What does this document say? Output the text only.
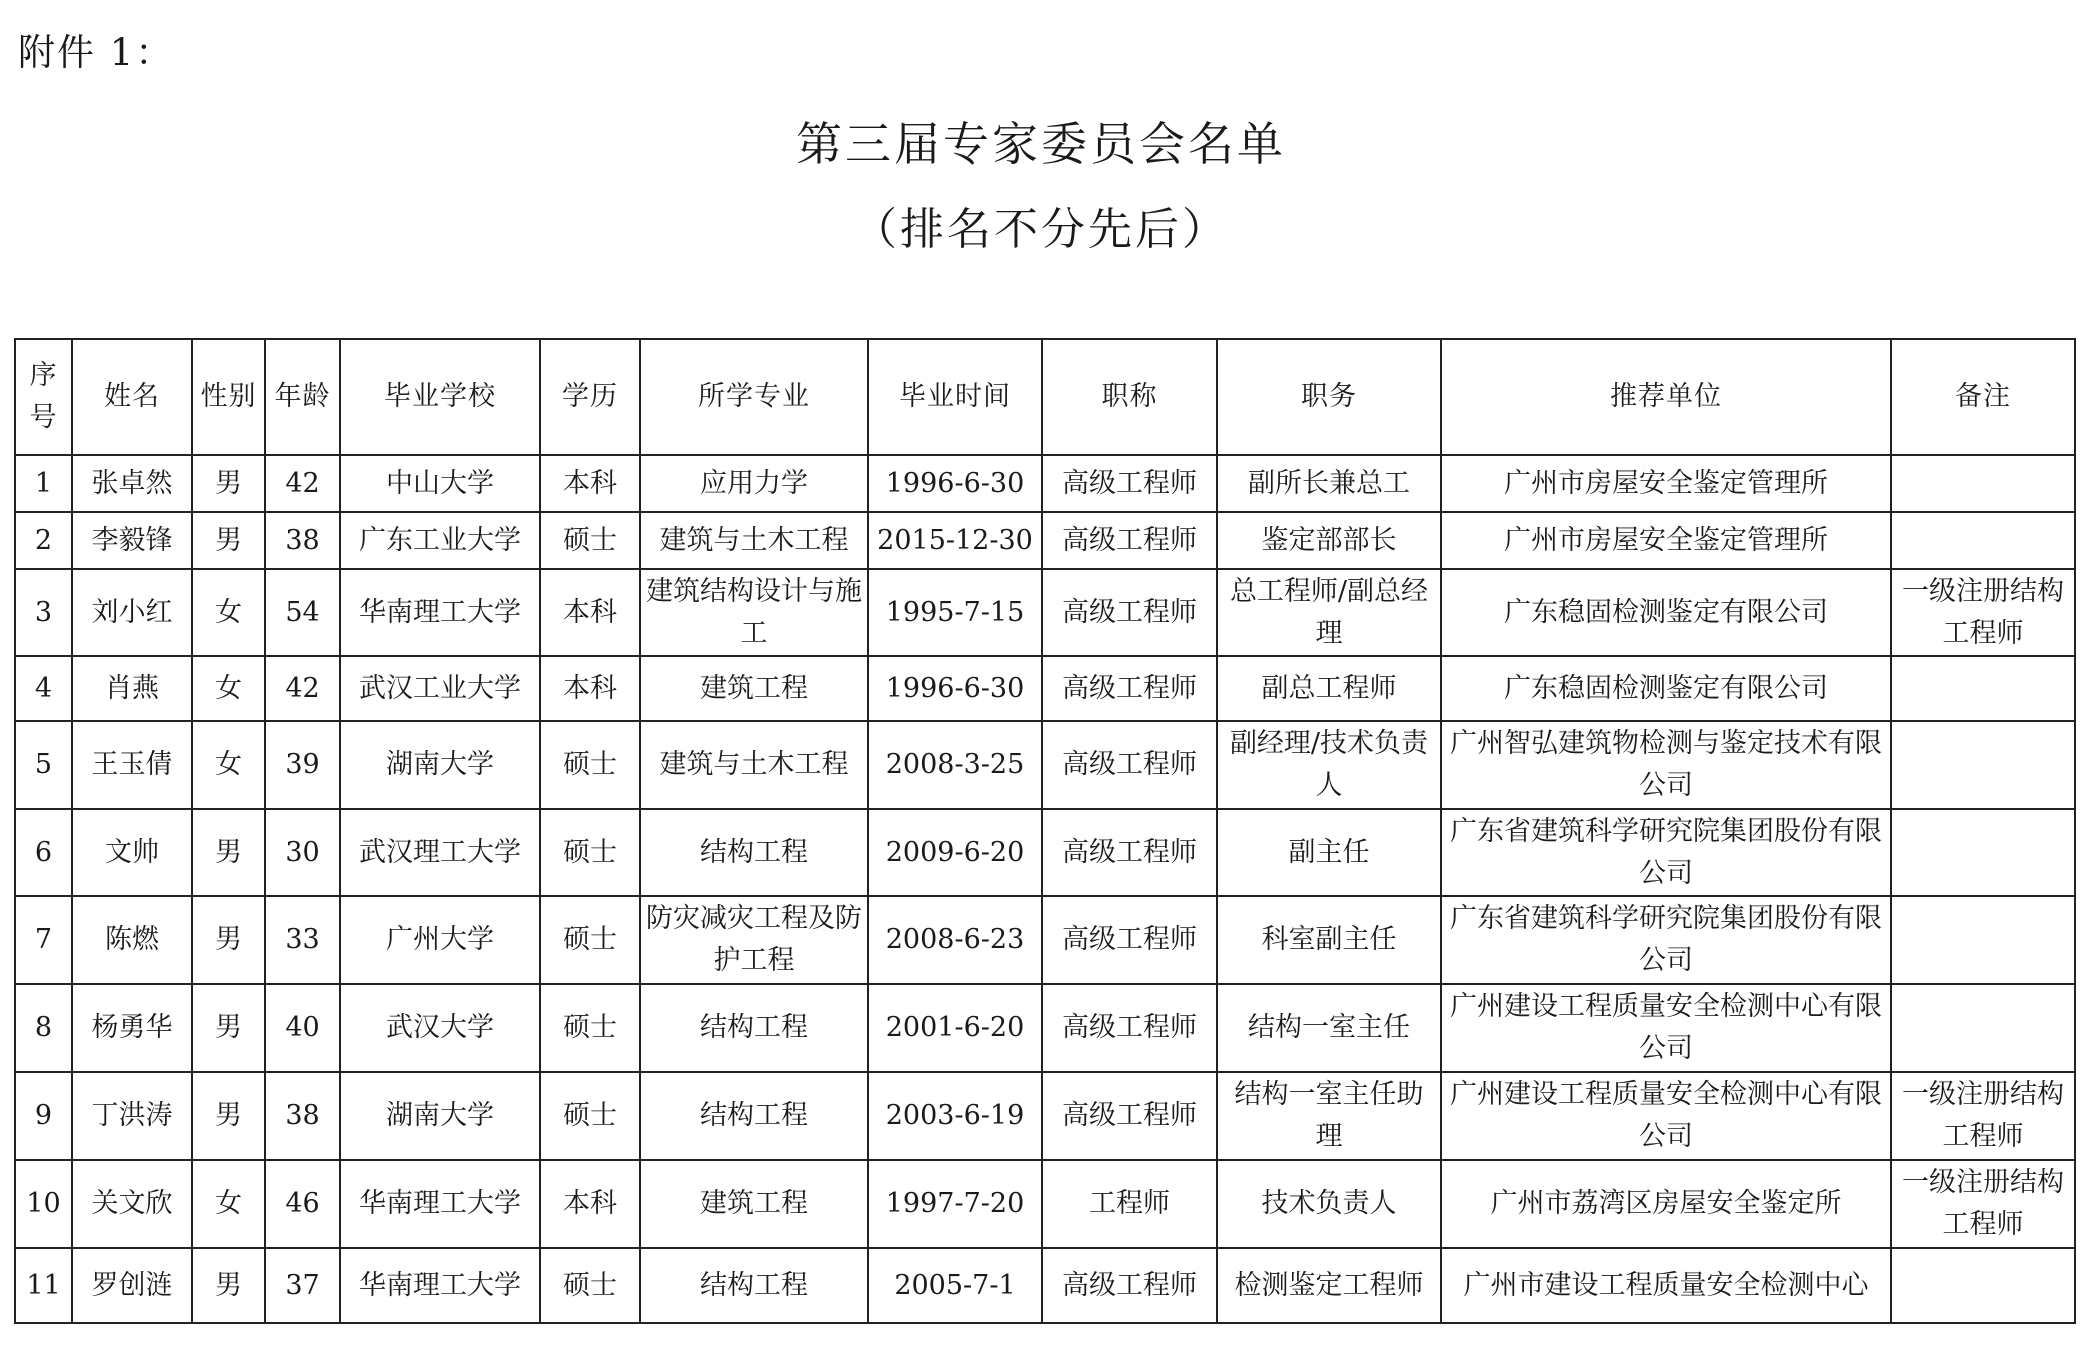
附件 1：
第三届专家委员会名单
（排名不分先后）
序号	姓名	性别	年龄	毕业学校	学历	所学专业	毕业时间	职称	职务	推荐单位	备注
1	张卓然	男	42	中山大学	本科	应用力学	1996-6-30	高级工程师	副所长兼总工	广州市房屋安全鉴定管理所	
2	李毅锋	男	38	广东工业大学	硕士	建筑与土木工程	2015-12-30	高级工程师	鉴定部部长	广州市房屋安全鉴定管理所	
3	刘小红	女	54	华南理工大学	本科	建筑结构设计与施工	1995-7-15	高级工程师	总工程师/副总经理	广东稳固检测鉴定有限公司	一级注册结构工程师
4	肖燕	女	42	武汉工业大学	本科	建筑工程	1996-6-30	高级工程师	副总工程师	广东稳固检测鉴定有限公司	
5	王玉倩	女	39	湖南大学	硕士	建筑与土木工程	2008-3-25	高级工程师	副经理/技术负责人	广州智弘建筑物检测与鉴定技术有限公司	
6	文帅	男	30	武汉理工大学	硕士	结构工程	2009-6-20	高级工程师	副主任	广东省建筑科学研究院集团股份有限公司	
7	陈燃	男	33	广州大学	硕士	防灾减灾工程及防护工程	2008-6-23	高级工程师	科室副主任	广东省建筑科学研究院集团股份有限公司	
8	杨勇华	男	40	武汉大学	硕士	结构工程	2001-6-20	高级工程师	结构一室主任	广州建设工程质量安全检测中心有限公司	
9	丁洪涛	男	38	湖南大学	硕士	结构工程	2003-6-19	高级工程师	结构一室主任助理	广州建设工程质量安全检测中心有限公司	一级注册结构工程师
10	关文欣	女	46	华南理工大学	本科	建筑工程	1997-7-20	工程师	技术负责人	广州市荔湾区房屋安全鉴定所	一级注册结构工程师
11	罗创涟	男	37	华南理工大学	硕士	结构工程	2005-7-1	高级工程师	检测鉴定工程师	广州市建设工程质量安全检测中心	
